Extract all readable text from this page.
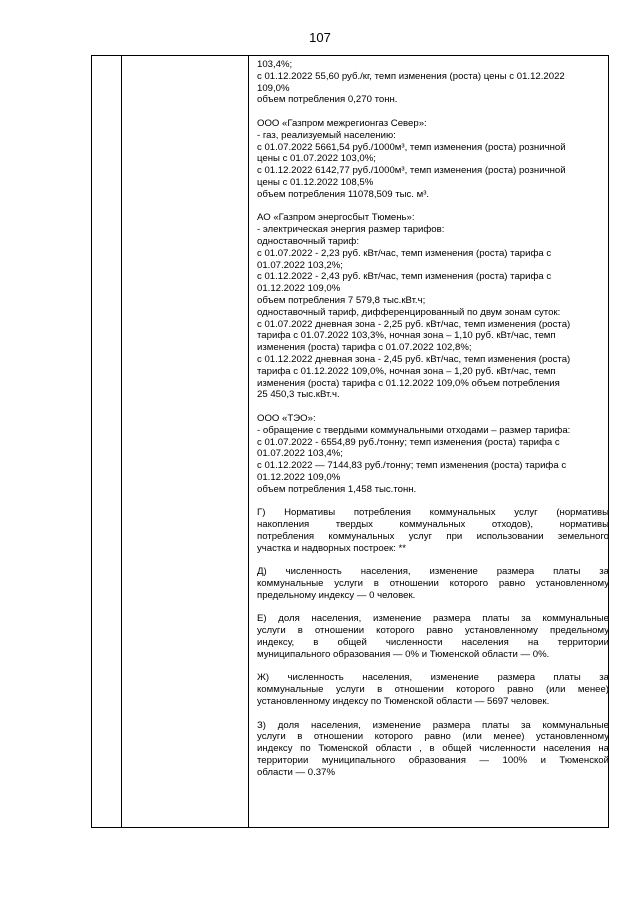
107
103,4%;
с 01.12.2022 55,60 руб./кг, темп изменения (роста) цены с 01.12.2022
109,0%
объем потребления 0,270 тонн.
ООО «Газпром межрегионгаз Север»:
- газ, реализуемый населению:
с 01.07.2022 5661,54 руб./1000м³, темп изменения (роста) розничной
цены с 01.07.2022 103,0%;
с 01.12.2022 6142,77 руб./1000м³, темп изменения (роста) розничной
цены с 01.12.2022 108,5%
объем потребления 11078,509 тыс. м³.
АО «Газпром энергосбыт Тюмень»:
- электрическая энергия размер тарифов:
одноставочный тариф:
с 01.07.2022 - 2,23 руб. кВт/час, темп изменения (роста) тарифа с
01.07.2022 103,2%;
с 01.12.2022 - 2,43 руб. кВт/час, темп изменения (роста) тарифа с
01.12.2022 109,0%
объем потребления 7 579,8 тыс.кВт.ч;
одноставочный тариф, дифференцированный по двум зонам суток:
с 01.07.2022 дневная зона - 2,25 руб. кВт/час, темп изменения (роста)
тарифа с 01.07.2022 103,3%, ночная зона – 1,10 руб. кВт/час, темп
изменения (роста) тарифа с 01.07.2022 102,8%;
с 01.12.2022 дневная зона - 2,45 руб. кВт/час, темп изменения (роста)
тарифа с 01.12.2022 109,0%, ночная зона – 1,20 руб. кВт/час, темп
изменения (роста) тарифа с 01.12.2022 109,0% объем потребления
25 450,3 тыс.кВт.ч.
ООО «ТЭО»:
- обращение с твердыми коммунальными отходами – размер тарифа:
с 01.07.2022 - 6554,89 руб./тонну; темп изменения (роста) тарифа с
01.07.2022 103,4%;
с 01.12.2022 — 7144,83 руб./тонну; темп изменения (роста) тарифа с
01.12.2022 109,0%
объем потребления 1,458 тыс.тонн.
Г) Нормативы потребления коммунальных услуг (нормативы
накопления твердых коммунальных отходов), нормативы
потребления коммунальных услуг при использовании земельного
участка и надворных построек: **
Д) численность населения, изменение размера платы за
коммунальные услуги в отношении которого равно установленному
предельному индексу — 0 человек.
Е) доля населения, изменение размера платы за коммунальные
услуги в отношении которого равно установленному предельному
индексу, в общей численности населения на территории
муниципального образования — 0% и Тюменской области — 0%.
Ж) численность населения, изменение размера платы за
коммунальные услуги в отношении которого равно (или менее)
установленному индексу по Тюменской области — 5697 человек.
З) доля населения, изменение размера платы за коммунальные
услуги в отношении которого равно (или менее) установленному
индексу по Тюменской области , в общей численности населения на
территории муниципального образования — 100% и Тюменской
области — 0.37%
